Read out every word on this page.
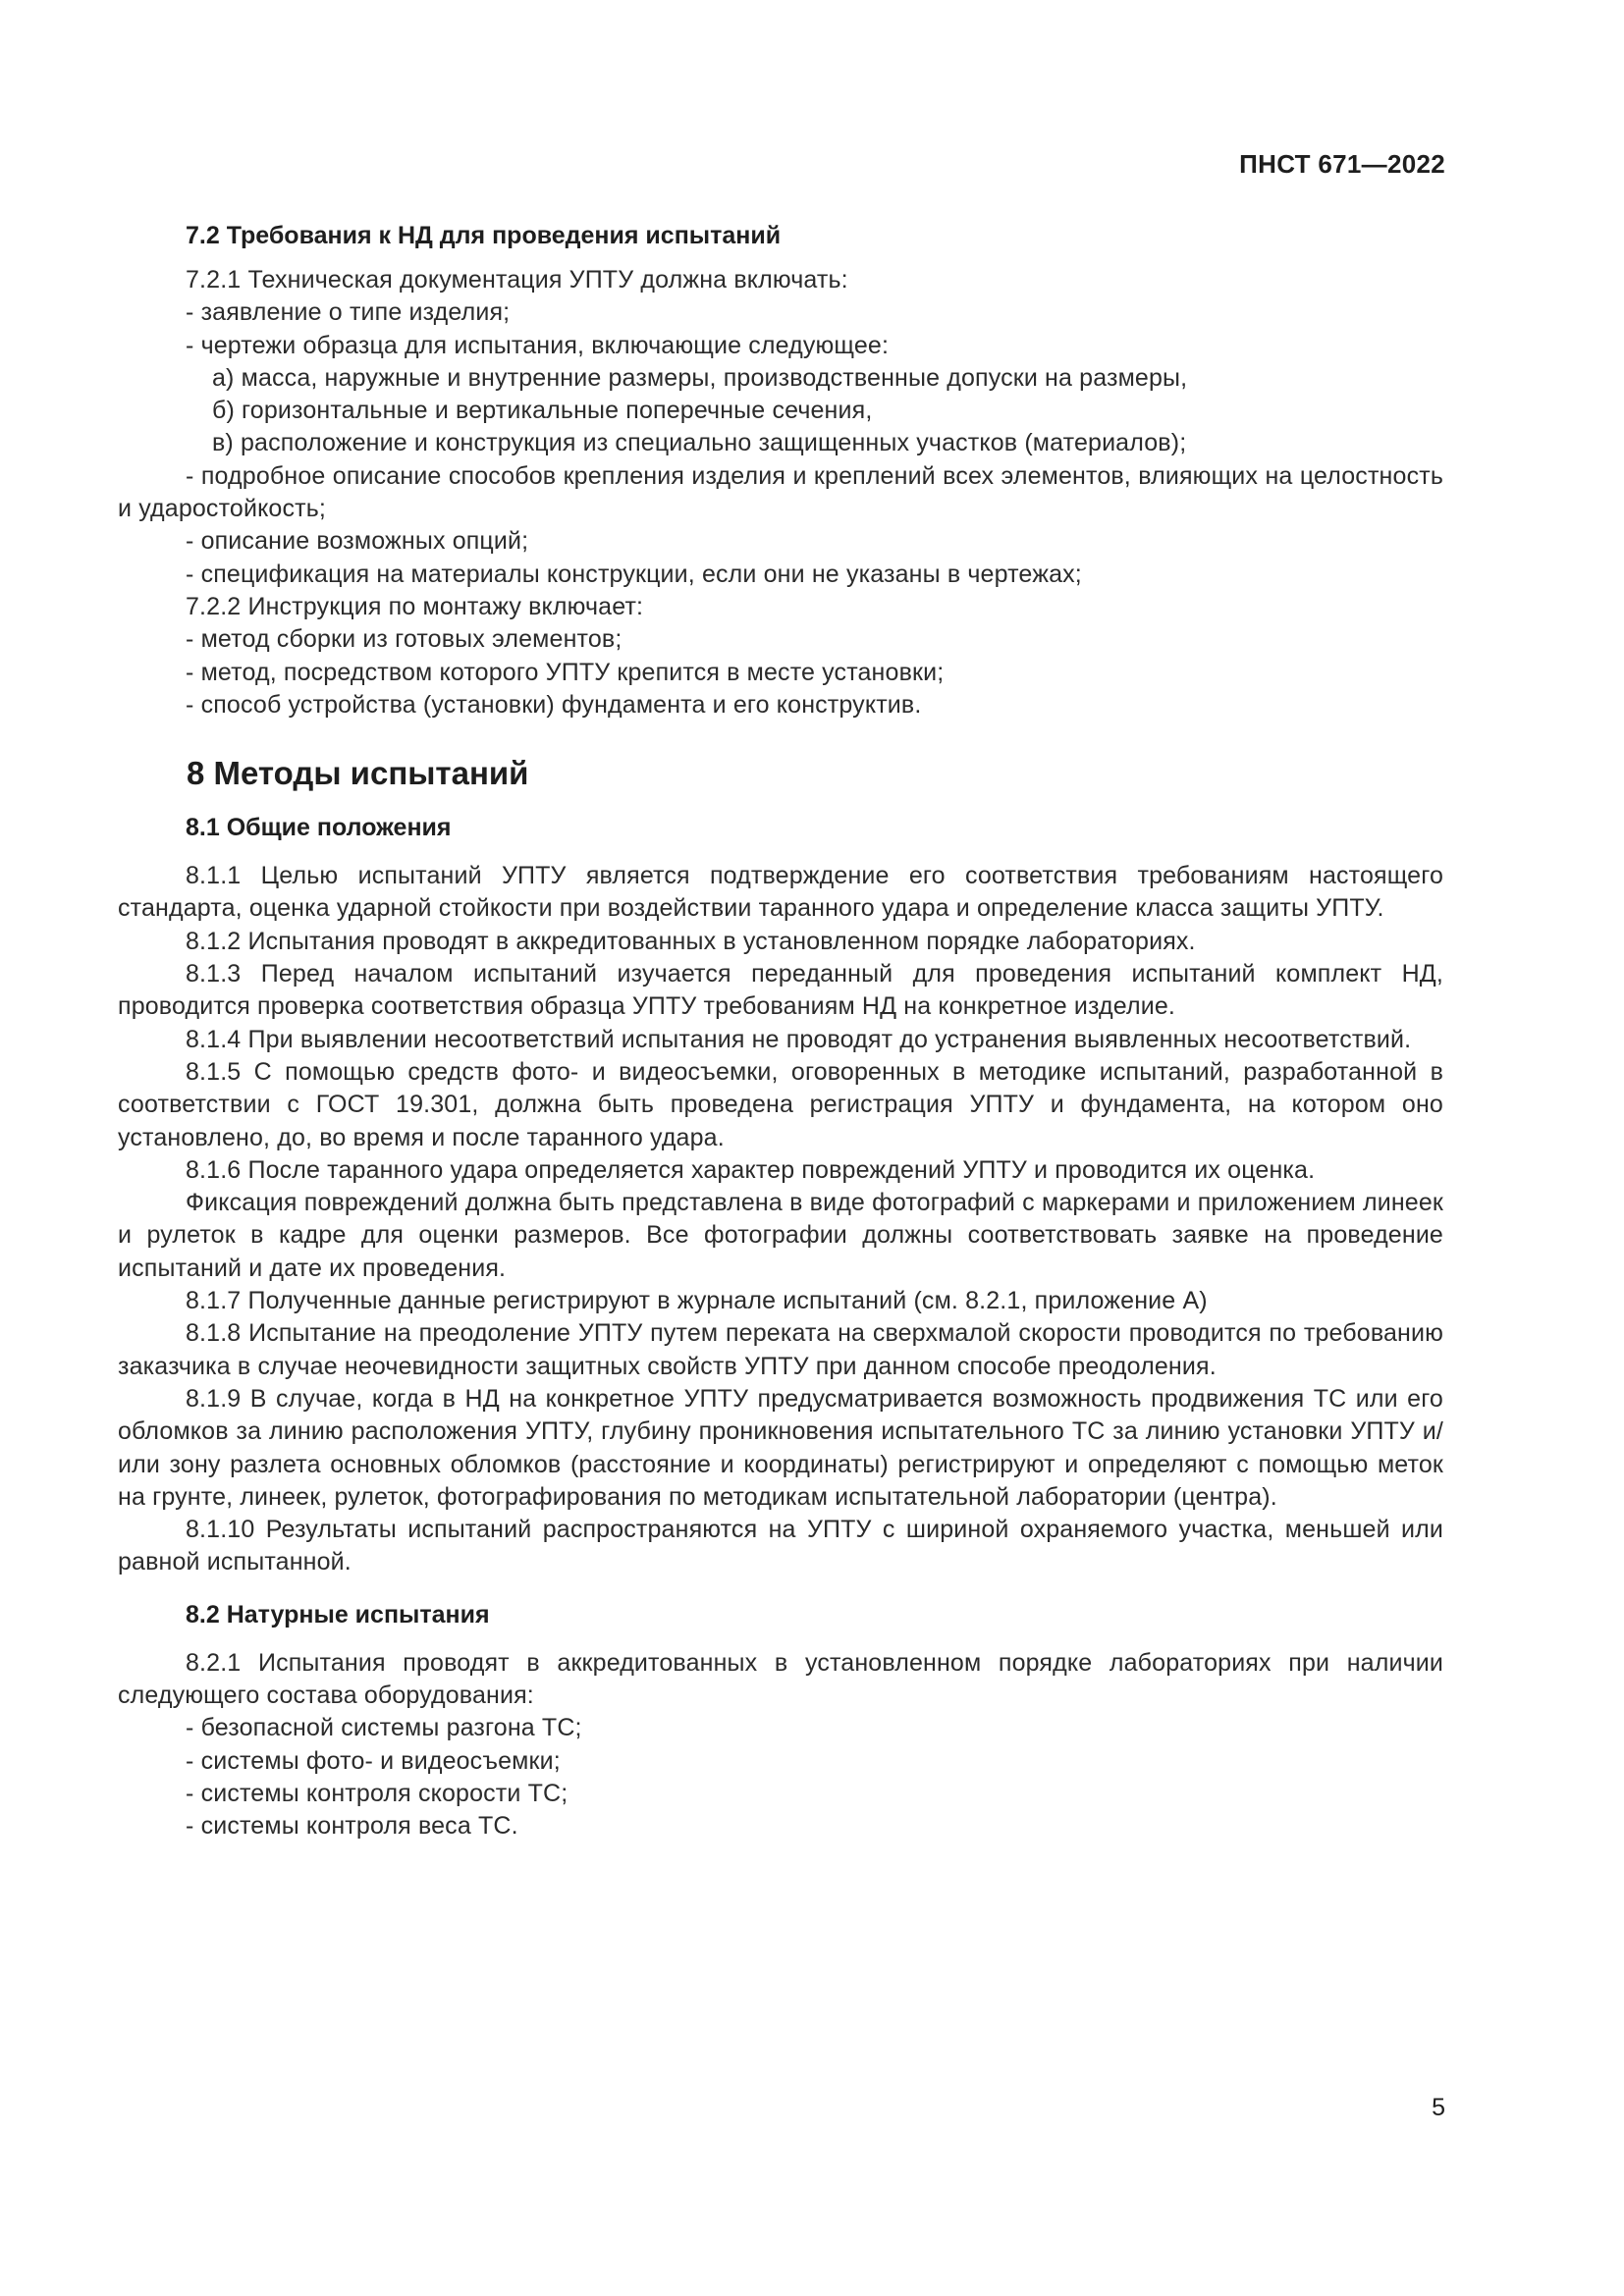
ПНСТ 671—2022
7.2 Требования к НД для проведения испытаний

7.2.1 Техническая документация УПТУ должна включать:

- заявление о типе изделия;

- чертежи образца для испытания, включающие следующее:

а) масса, наружные и внутренние размеры, производственные допуски на размеры,

б) горизонтальные и вертикальные поперечные сечения,

в) расположение и конструкция из специально защищенных участков (материалов);

- подробное описание способов крепления изделия и креплений всех элементов, влияющих на целостность и ударостойкость;

- описание возможных опций;

- спецификация на материалы конструкции, если они не указаны в чертежах;

7.2.2 Инструкция по монтажу включает:

- метод сборки из готовых элементов;

- метод, посредством которого УПТУ крепится в месте установки;

- способ устройства (установки) фундамента и его конструктив.

8 Методы испытаний
8.1 Общие положения

8.1.1 Целью испытаний УПТУ является подтверждение его соответствия требованиям настоящего стандарта, оценка ударной стойкости при воздействии таранного удара и определение класса защиты УПТУ.

8.1.2 Испытания проводят в аккредитованных в установленном порядке лабораториях.

8.1.3 Перед началом испытаний изучается переданный для проведения испытаний комплект НД, проводится проверка соответствия образца УПТУ требованиям НД на конкретное изделие.

8.1.4 При выявлении несоответствий испытания не проводят до устранения выявленных несоответствий.

8.1.5 С помощью средств фото- и видеосъемки, оговоренных в методике испытаний, разработанной в соответствии с ГОСТ 19.301, должна быть проведена регистрация УПТУ и фундамента, на котором оно установлено, до, во время и после таранного удара.

8.1.6 После таранного удара определяется характер повреждений УПТУ и проводится их оценка.

Фиксация повреждений должна быть представлена в виде фотографий с маркерами и приложением линеек и рулеток в кадре для оценки размеров. Все фотографии должны соответствовать заявке на проведение испытаний и дате их проведения.

8.1.7 Полученные данные регистрируют в журнале испытаний (см. 8.2.1, приложение А)

8.1.8 Испытание на преодоление УПТУ путем переката на сверхмалой скорости проводится по требованию заказчика в случае неочевидности защитных свойств УПТУ при данном способе преодоления.

8.1.9 В случае, когда в НД на конкретное УПТУ предусматривается возможность продвижения ТС или его обломков за линию расположения УПТУ, глубину проникновения испытательного ТС за линию установки УПТУ и/или зону разлета основных обломков (расстояние и координаты) регистрируют и определяют с помощью меток на грунте, линеек, рулеток, фотографирования по методикам испытательной лаборатории (центра).

8.1.10 Результаты испытаний распространяются на УПТУ с шириной охраняемого участка, меньшей или равной испытанной.

8.2 Натурные испытания

8.2.1 Испытания проводят в аккредитованных в установленном порядке лабораториях при наличии следующего состава оборудования:

- безопасной системы разгона ТС;

- системы фото- и видеосъемки;

- системы контроля скорости ТС;

- системы контроля веса ТС.

5
